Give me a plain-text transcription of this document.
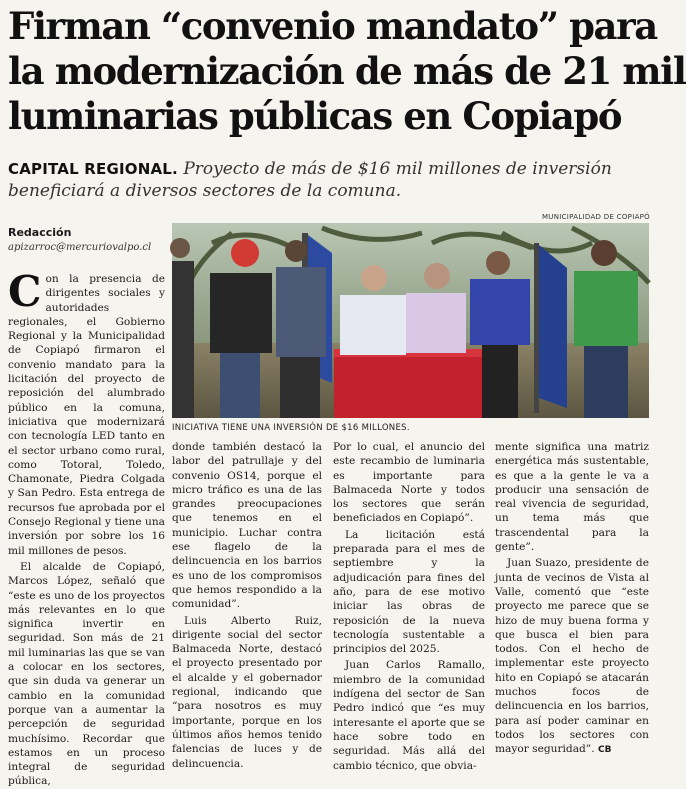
Firman “convenio mandato” para
la modernización de más de 21 mil
luminarias públicas en Copiapó
CAPITAL REGIONAL. Proyecto de más de $16 mil millones de inversión beneficiará a diversos sectores de la comuna.
Redacción
apizarroc@mercuriovalpo.cl
MUNICIPALIDAD DE COPIAPÓ
INICIATIVA TIENE UNA INVERSIÓN DE $16 MILLONES.

Con la presencia de dirigentes sociales y autoridades regionales, el Gobierno Regional y la Municipalidad de Copiapó firmaron el convenio mandato para la licitación del proyecto de reposición del alumbrado público en la comuna, iniciativa que modernizará con tecnología LED tanto en el sector urbano como rural, como Totoral, Toledo, Chamonate, Piedra Colgada y San Pedro. Esta entrega de recursos fue aprobada por el Consejo Regional y tiene una inversión por sobre los 16 mil millones de pesos.

El alcalde de Copiapó, Marcos López, señaló que “este es uno de los proyectos más relevantes en lo que significa invertir en seguridad. Son más de 21 mil luminarias las que se van a colocar en los sectores, que sin duda va generar un cambio en la comunidad porque van a aumentar la percepción de seguridad muchísimo. Recordar que estamos en un proceso integral de seguridad pública,

donde también destacó la labor del patrullaje y del convenio OS14, porque el micro tráfico es una de las grandes preocupaciones que tenemos en el municipio. Luchar contra ese flagelo de la delincuencia en los barrios es uno de los compromisos que hemos respondido a la comunidad”.

Luis Alberto Ruiz, dirigente social del sector Balmaceda Norte, destacó el proyecto presentado por el alcalde y el gobernador regional, indicando que “para nosotros es muy importante, porque en los últimos años hemos tenido falencias de luces y de delincuencia.

Por lo cual, el anuncio del este recambio de luminaria es importante para Balmaceda Norte y todos los sectores que serán beneficiados en Copiapó”.

La licitación está preparada para el mes de septiembre y la adjudicación para fines del año, para de ese motivo iniciar las obras de reposición de la nueva tecnología sustentable a principios del 2025.

Juan Carlos Ramallo, miembro de la comunidad indígena del sector de San Pedro indicó que “es muy interesante el aporte que se hace sobre todo en seguridad. Más allá del cambio técnico, que obvia-

mente significa una matriz energética más sustentable, es que a la gente le va a producir una sensación de real vivencia de seguridad, un tema más que trascendental para la gente”.

Juan Suazo, presidente de junta de vecinos de Vista al Valle, comentó que “este proyecto me parece que se hizo de muy buena forma y que busca el bien para todos. Con el hecho de implementar este proyecto hito en Copiapó se atacarán muchos focos de delincuencia en los barrios, para así poder caminar en todos los sectores con mayor seguridad”. CB
